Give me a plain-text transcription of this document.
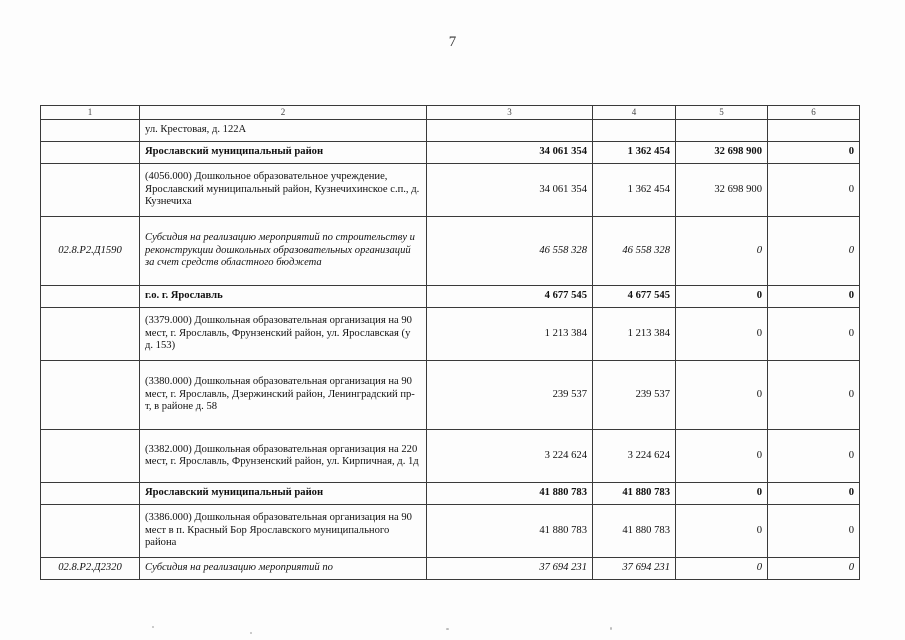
7
1	2	3	4	5	6
	ул. Крестовая, д. 122А				
	Ярославский муниципальный район	34 061 354	1 362 454	32 698 900	0
	(4056.000) Дошкольное образовательное учреждение, Ярославский муниципальный район, Кузнечихинское с.п., д. Кузнечиха	34 061 354	1 362 454	32 698 900	0
02.8.Р2.Д1590	Субсидия на реализацию мероприятий по строительству и реконструкции дошкольных образовательных организаций за счет средств областного бюджета	46 558 328	46 558 328	0	0
	г.о. г. Ярославль	4 677 545	4 677 545	0	0
	(3379.000) Дошкольная образовательная организация на 90 мест, г. Ярославль, Фрунзенский район, ул. Ярославская (у д. 153)	1 213 384	1 213 384	0	0
	(3380.000) Дошкольная образовательная организация на 90 мест, г. Ярославль, Дзержинский район, Ленинградский пр-т, в районе д. 58	239 537	239 537	0	0
	(3382.000) Дошкольная образовательная организация на 220 мест, г. Ярославль, Фрунзенский район, ул. Кирпичная, д. 1д	3 224 624	3 224 624	0	0
	Ярославский муниципальный район	41 880 783	41 880 783	0	0
	(3386.000) Дошкольная образовательная организация на 90 мест в п. Красный Бор Ярославского муниципального района	41 880 783	41 880 783	0	0
02.8.Р2.Д2320	Субсидия на реализацию мероприятий по	37 694 231	37 694 231	0	0
